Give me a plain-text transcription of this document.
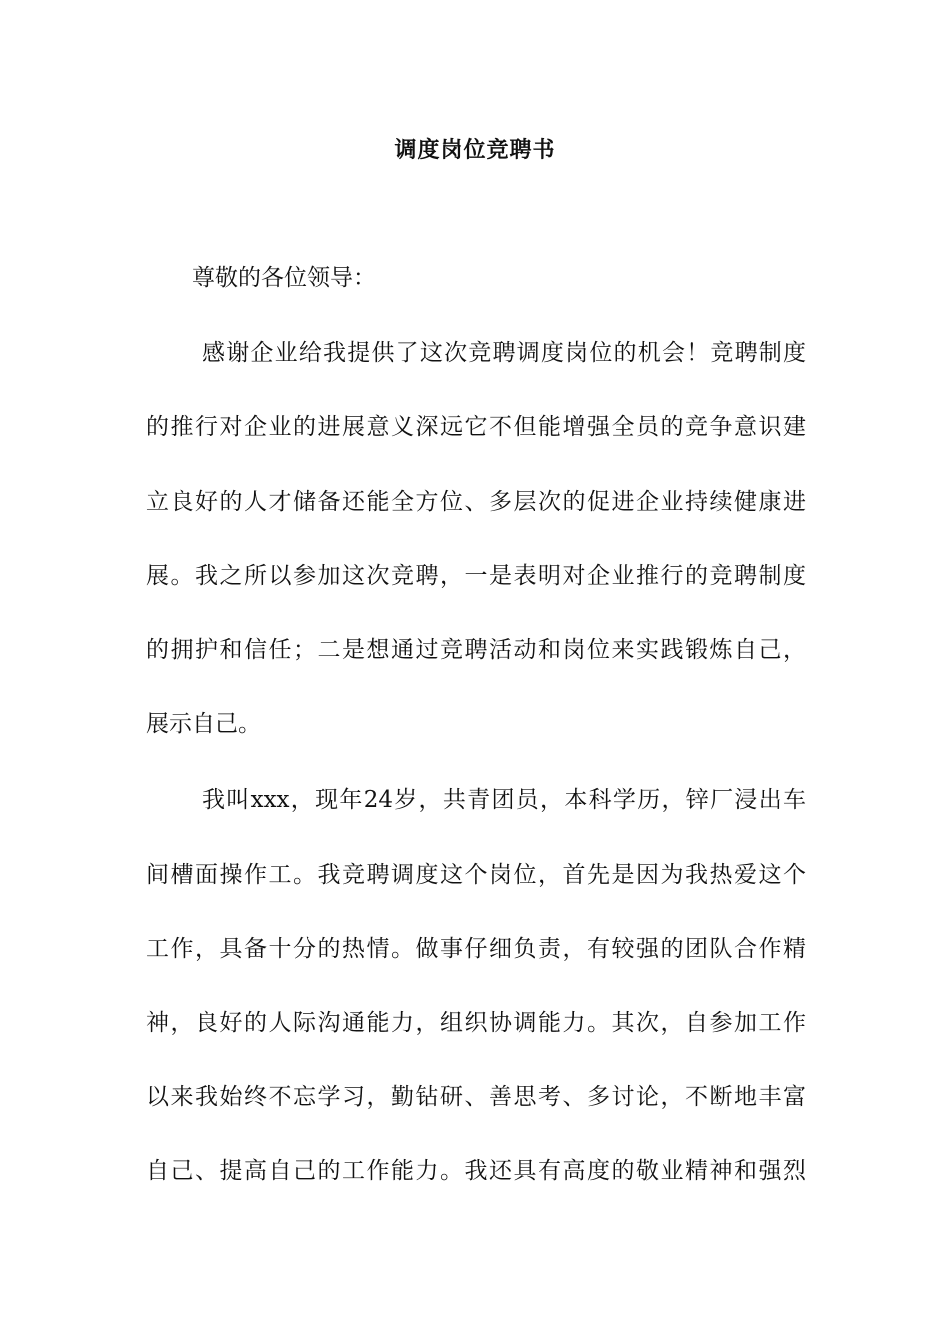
调度岗位竞聘书
尊敬的各位领导：
感谢企业给我提供了这次竞聘调度岗位的机会！竞聘制度
的推行对企业的进展意义深远它不但能增强全员的竞争意识建
立良好的人才储备还能全方位、多层次的促进企业持续健康进
展。我之所以参加这次竞聘，一是表明对企业推行的竞聘制度
的拥护和信任；二是想通过竞聘活动和岗位来实践锻炼自己，
展示自己。
我叫xxx，现年24岁，共青团员，本科学历，锌厂浸出车
间槽面操作工。我竞聘调度这个岗位，首先是因为我热爱这个
工作，具备十分的热情。做事仔细负责，有较强的团队合作精
神，良好的人际沟通能力，组织协调能力。其次，自参加工作
以来我始终不忘学习，勤钻研、善思考、多讨论，不断地丰富
自己、提高自己的工作能力。我还具有高度的敬业精神和强烈
